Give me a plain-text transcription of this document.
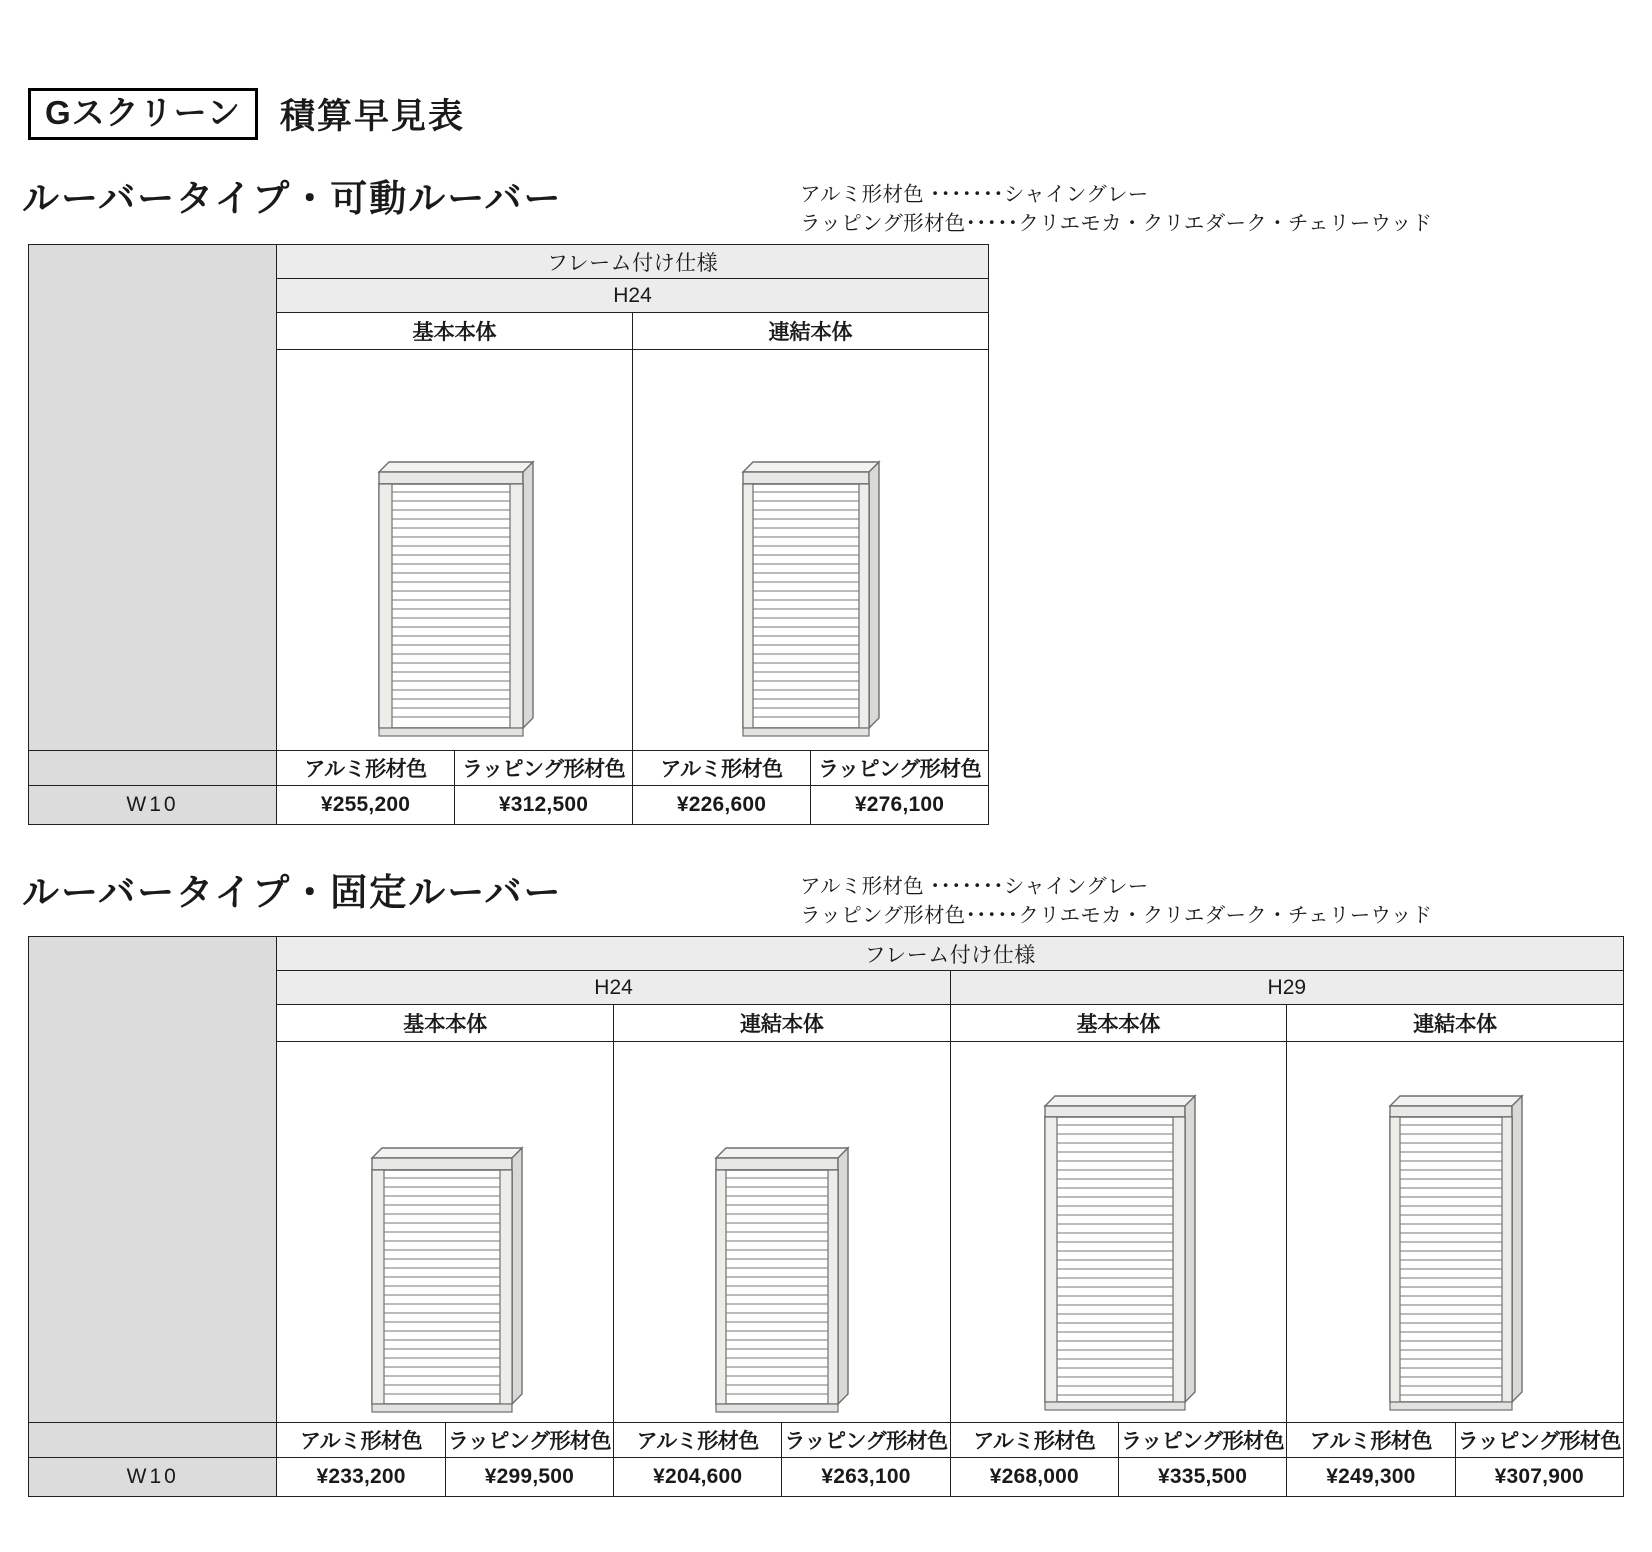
Gスクリーン	積算早見表
ルーバータイプ・可動ルーバー	アルミ形材色 ･･･････シャイングレー
ラッピング形材色･････クリエモカ・クリエダーク・チェリーウッド
	フレーム付け仕様			
	H24			
	基本本体		連結本体	

	アルミ形材色	ラッピング形材色	アルミ形材色	ラッピング形材色
W10	¥255,200	¥312,500	¥226,600	¥276,100
ルーバータイプ・固定ルーバー	アルミ形材色 ･･･････シャイングレー
ラッピング形材色･････クリエモカ・クリエダーク・チェリーウッド
	フレーム付け仕様							
	H24				H29			
	基本本体		連結本体		基本本体		連結本体	

	アルミ形材色	ラッピング形材色	アルミ形材色	ラッピング形材色	アルミ形材色	ラッピング形材色	アルミ形材色	ラッピング形材色
W10	¥233,200	¥299,500	¥204,600	¥263,100	¥268,000	¥335,500	¥249,300	¥307,900
